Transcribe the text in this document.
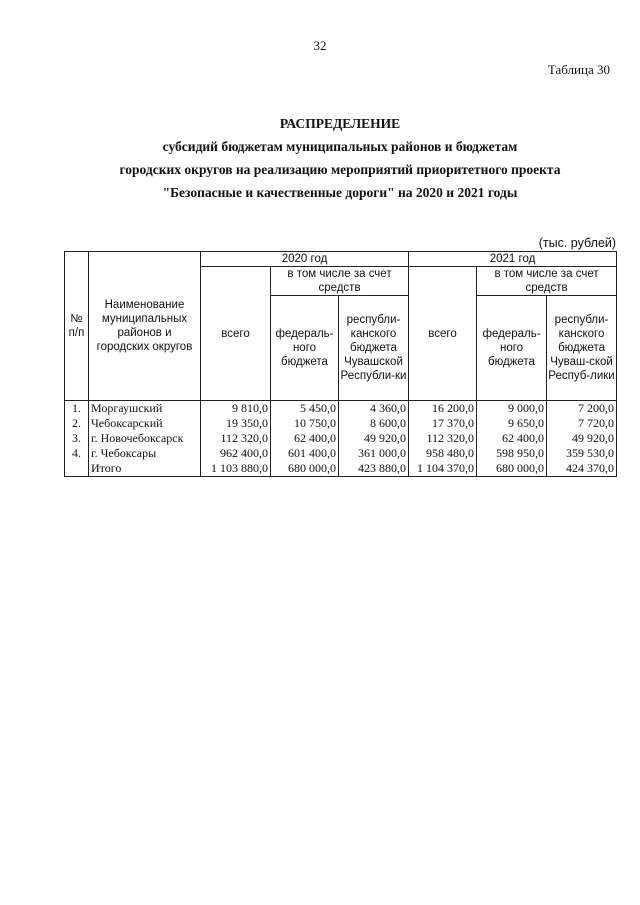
32
Таблица 30
РАСПРЕДЕЛЕНИЕ
субсидий бюджетам муниципальных районов и бюджетам
городских округов на реализацию мероприятий приоритетного проекта
"Безопасные и качественные дороги" на 2020 и 2021 годы
(тыс. рублей)
№ п/п	Наименование муниципальных районов и городских округов	2020 год			2021 год		
		всего	в том числе за счет средств		всего	в том числе за счет средств	
			федераль-ного бюджета	республи-канского бюджета Чувашской Республи-ки		федераль-ного бюджета	республи-канского бюджета Чуваш-ской Респуб-лики
1.	Моргаушский	9 810,0	5 450,0	4 360,0	16 200,0	9 000,0	7 200,0
2.	Чебоксарский	19 350,0	10 750,0	8 600,0	17 370,0	9 650,0	7 720,0
3.	г. Новочебоксарск	112 320,0	62 400,0	49 920,0	112 320,0	62 400,0	49 920,0
4.	г. Чебоксары	962 400,0	601 400,0	361 000,0	958 480,0	598 950,0	359 530,0
	Итого	1 103 880,0	680 000,0	423 880,0	1 104 370,0	680 000,0	424 370,0
